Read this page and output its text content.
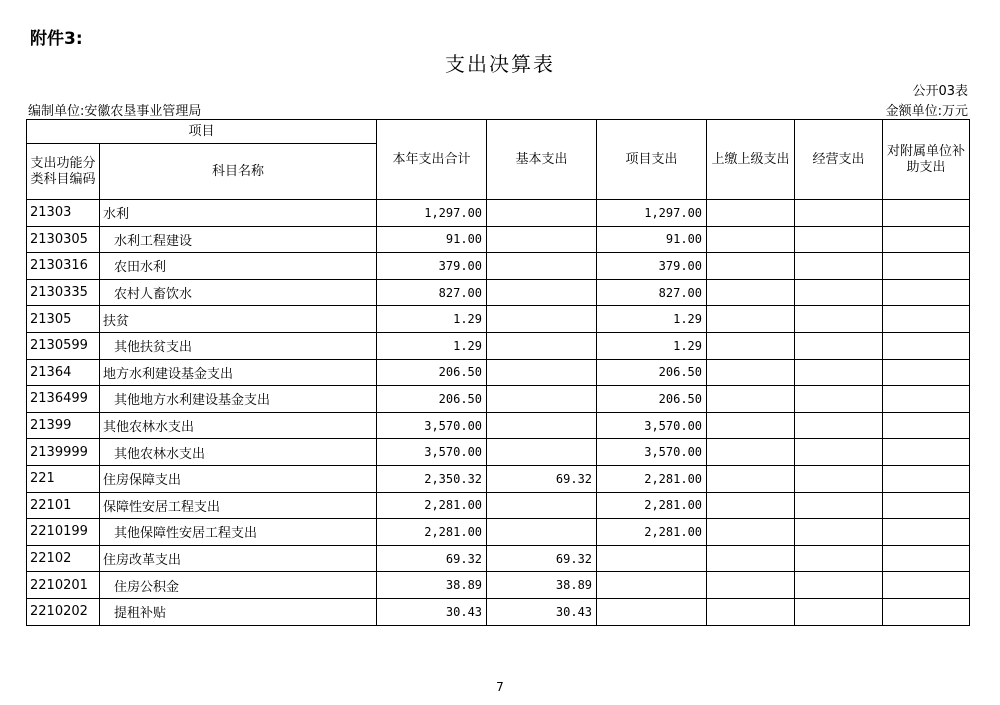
附件3:
支出决算表
公开03表
编制单位:安徽农垦事业管理局	金额单位:万元
项目		本年支出合计	基本支出	项目支出	上缴上级支出	经营支出	对附属单位补助支出
支出功能分类科目编码	科目名称						
21303	水利	1,297.00		1,297.00			
2130305	水利工程建设	91.00		91.00			
2130316	农田水利	379.00		379.00			
2130335	农村人畜饮水	827.00		827.00			
21305	扶贫	1.29		1.29			
2130599	其他扶贫支出	1.29		1.29			
21364	地方水利建设基金支出	206.50		206.50			
2136499	其他地方水利建设基金支出	206.50		206.50			
21399	其他农林水支出	3,570.00		3,570.00			
2139999	其他农林水支出	3,570.00		3,570.00			
221	住房保障支出	2,350.32	69.32	2,281.00			
22101	保障性安居工程支出	2,281.00		2,281.00			
2210199	其他保障性安居工程支出	2,281.00		2,281.00			
22102	住房改革支出	69.32	69.32				
2210201	住房公积金	38.89	38.89				
2210202	提租补贴	30.43	30.43				
7
